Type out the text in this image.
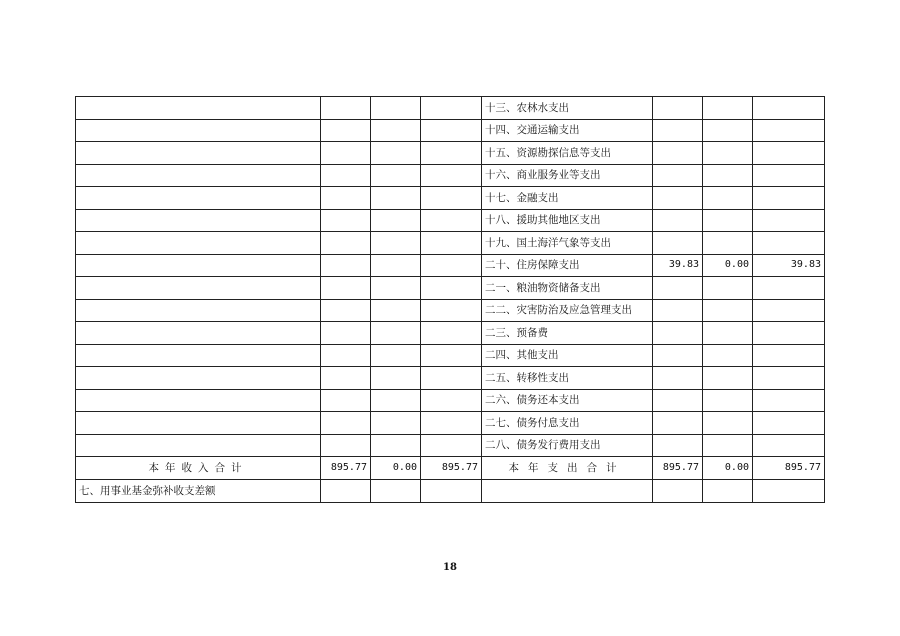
				十三、农林水支出			
				十四、交通运输支出			
				十五、资源勘探信息等支出			
				十六、商业服务业等支出			
				十七、金融支出			
				十八、援助其他地区支出			
				十九、国土海洋气象等支出			
				二十、住房保障支出	39.83	0.00	39.83
				二一、粮油物资储备支出			
				二二、灾害防治及应急管理支出			
				二三、预备费			
				二四、其他支出			
				二五、转移性支出			
				二六、债务还本支出			
				二七、债务付息支出			
				二八、债务发行费用支出			
本年收入合计	895.77	0.00	895.77	本年支出合计	895.77	0.00	895.77
七、用事业基金弥补收支差额							
18
